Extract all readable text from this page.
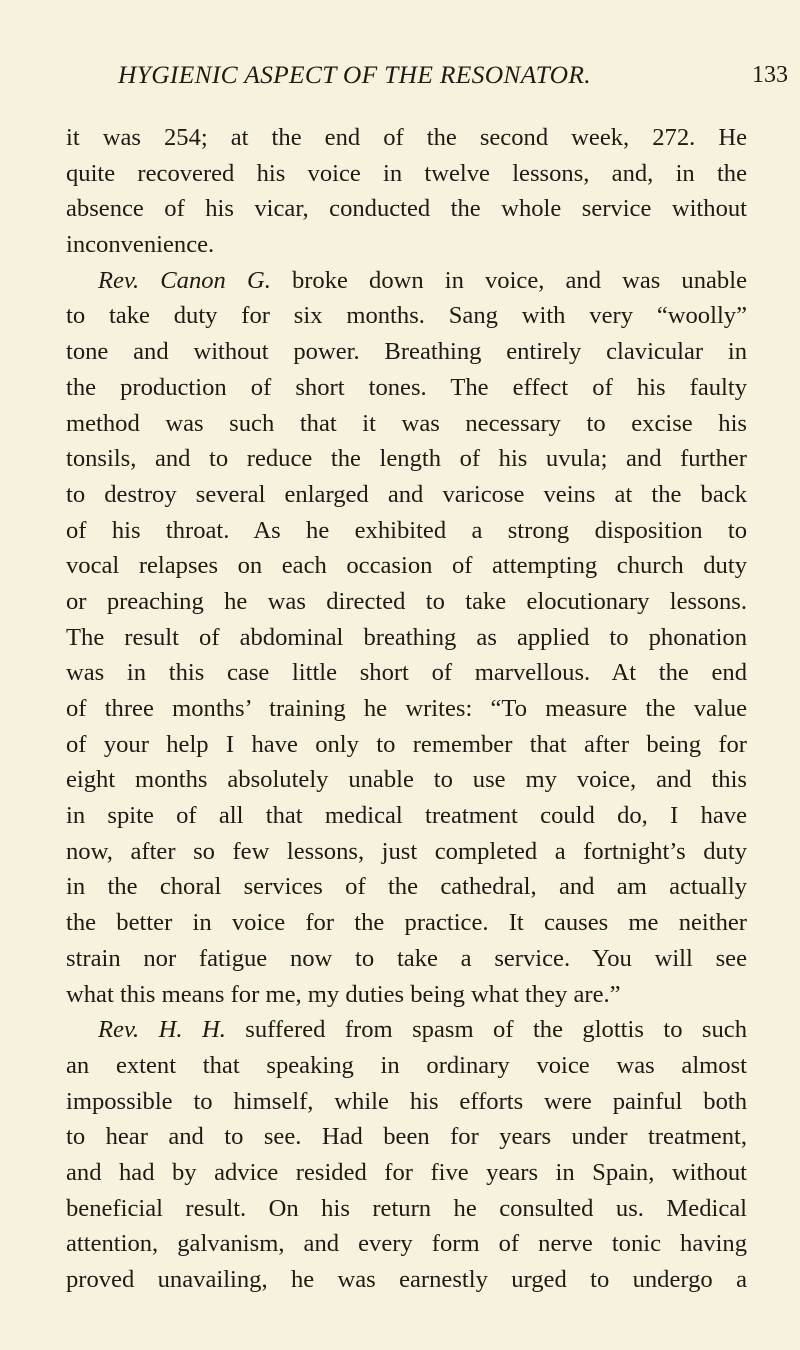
HYGIENIC ASPECT OF THE RESONATOR.	133
it was 254; at the end of the second week, 272. He
quite recovered his voice in twelve lessons, and, in the
absence of his vicar, conducted the whole service without
inconvenience.
Rev. Canon G. broke down in voice, and was unable
to take duty for six months. Sang with very “woolly”
tone and without power. Breathing entirely clavicular in
the production of short tones. The effect of his faulty
method was such that it was necessary to excise his
tonsils, and to reduce the length of his uvula; and further
to destroy several enlarged and varicose veins at the back
of his throat. As he exhibited a strong disposition to
vocal relapses on each occasion of attempting church duty
or preaching he was directed to take elocutionary lessons.
The result of abdominal breathing as applied to phonation
was in this case little short of marvellous. At the end
of three months’ training he writes: “To measure the value
of your help I have only to remember that after being for
eight months absolutely unable to use my voice, and this
in spite of all that medical treatment could do, I have
now, after so few lessons, just completed a fortnight’s duty
in the choral services of the cathedral, and am actually
the better in voice for the practice. It causes me neither
strain nor fatigue now to take a service. You will see
what this means for me, my duties being what they are.”
Rev. H. H. suffered from spasm of the glottis to such
an extent that speaking in ordinary voice was almost
impossible to himself, while his efforts were painful both
to hear and to see. Had been for years under treatment,
and had by advice resided for five years in Spain, without
beneficial result. On his return he consulted us. Medical
attention, galvanism, and every form of nerve tonic having
proved unavailing, he was earnestly urged to undergo a
